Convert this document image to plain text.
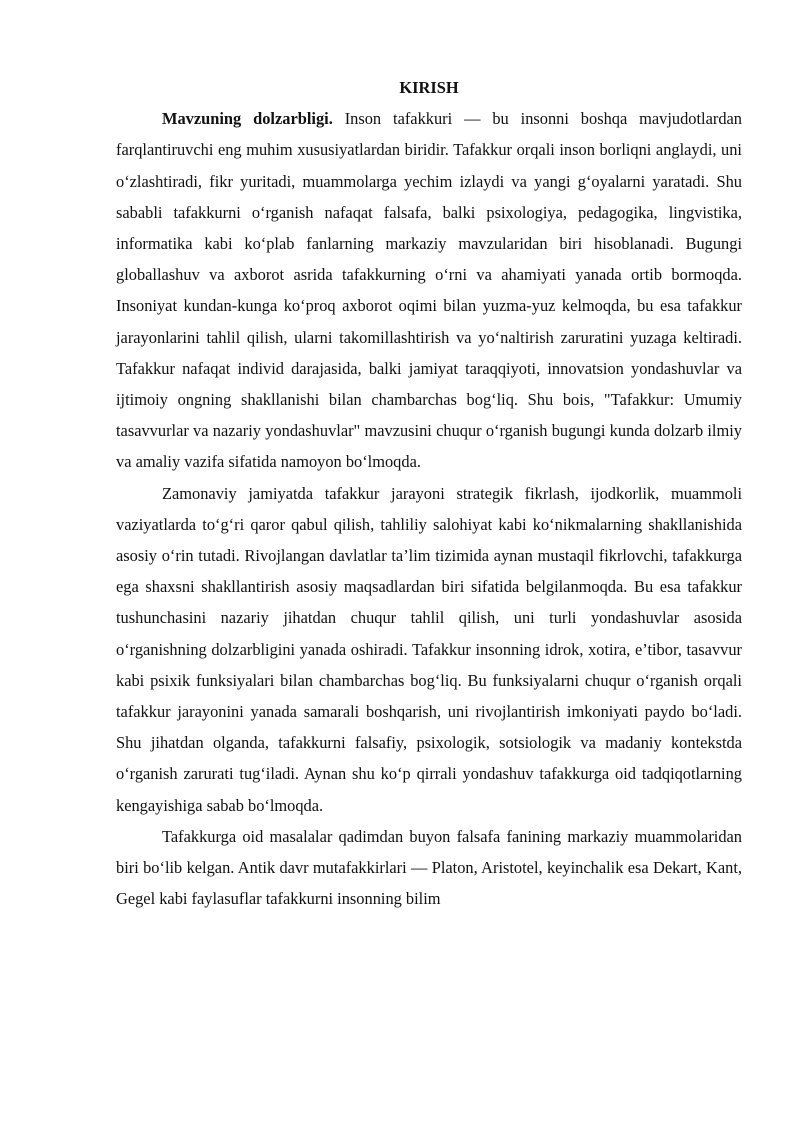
KIRISH

Mavzuning dolzarbligi. Inson tafakkuri — bu insonni boshqa mavjudotlardan farqlantiruvchi eng muhim xususiyatlardan biridir. Tafakkur orqali inson borliqni anglaydi, uni o‘zlashtiradi, fikr yuritadi, muammolarga yechim izlaydi va yangi g‘oyalarni yaratadi. Shu sababli tafakkurni o‘rganish nafaqat falsafa, balki psixologiya, pedagogika, lingvistika, informatika kabi ko‘plab fanlarning markaziy mavzularidan biri hisoblanadi. Bugungi globallashuv va axborot asrida tafakkurning o‘rni va ahamiyati yanada ortib bormoqda. Insoniyat kundan-kunga ko‘proq axborot oqimi bilan yuzma-yuz kelmoqda, bu esa tafakkur jarayonlarini tahlil qilish, ularni takomillashtirish va yo‘naltirish zaruratini yuzaga keltiradi. Tafakkur nafaqat individ darajasida, balki jamiyat taraqqiyoti, innovatsion yondashuvlar va ijtimoiy ongning shakllanishi bilan chambarchas bog‘liq. Shu bois, "Tafakkur: Umumiy tasavvurlar va nazariy yondashuvlar" mavzusini chuqur o‘rganish bugungi kunda dolzarb ilmiy va amaliy vazifa sifatida namoyon bo‘lmoqda.

Zamonaviy jamiyatda tafakkur jarayoni strategik fikrlash, ijodkorlik, muammoli vaziyatlarda to‘g‘ri qaror qabul qilish, tahliliy salohiyat kabi ko‘nikmalarning shakllanishida asosiy o‘rin tutadi. Rivojlangan davlatlar ta’lim tizimida aynan mustaqil fikrlovchi, tafakkurga ega shaxsni shakllantirish asosiy maqsadlardan biri sifatida belgilanmoqda. Bu esa tafakkur tushunchasini nazariy jihatdan chuqur tahlil qilish, uni turli yondashuvlar asosida o‘rganishning dolzarbligini yanada oshiradi. Tafakkur insonning idrok, xotira, e’tibor, tasavvur kabi psixik funksiyalari bilan chambarchas bog‘liq. Bu funksiyalarni chuqur o‘rganish orqali tafakkur jarayonini yanada samarali boshqarish, uni rivojlantirish imkoniyati paydo bo‘ladi. Shu jihatdan olganda, tafakkurni falsafiy, psixologik, sotsiologik va madaniy kontekstda o‘rganish zarurati tug‘iladi. Aynan shu ko‘p qirrali yondashuv tafakkurga oid tadqiqotlarning kengayishiga sabab bo‘lmoqda.

Tafakkurga oid masalalar qadimdan buyon falsafa fanining markaziy muammolaridan biri bo‘lib kelgan. Antik davr mutafakkirlari — Platon, Aristotel, keyinchalik esa Dekart, Kant, Gegel kabi faylasuflar tafakkurni insonning bilim
